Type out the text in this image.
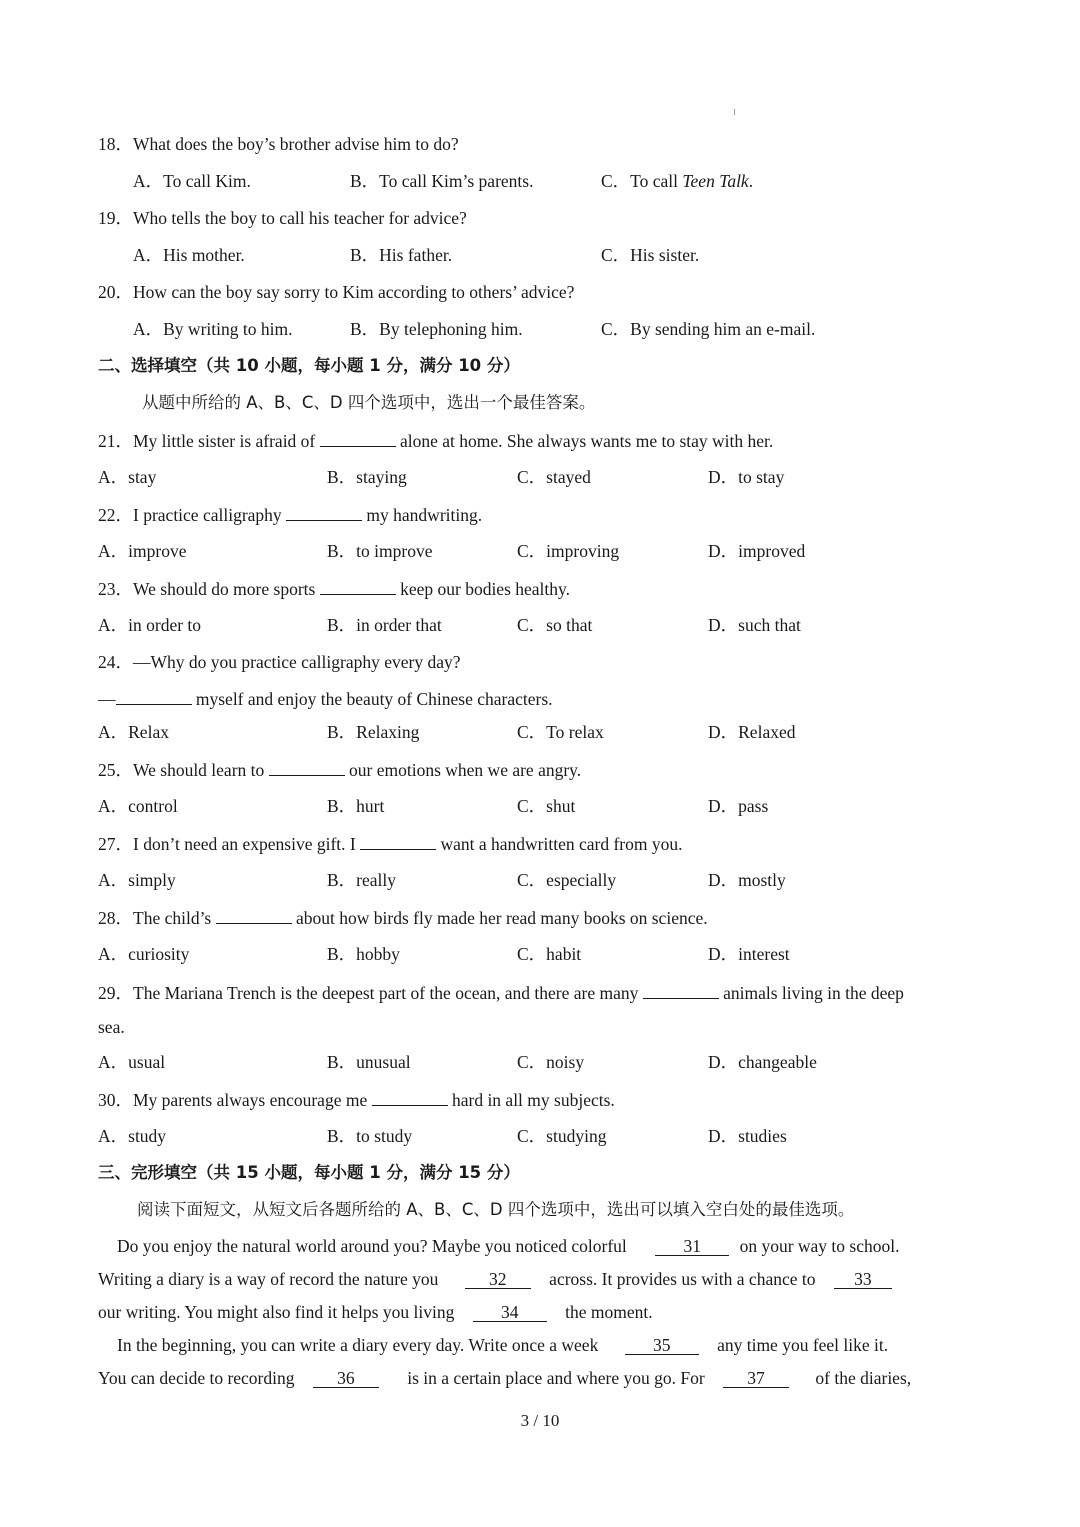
18．What does the boy’s brother advise him to do?
A．To call Kim.	B．To call Kim’s parents.	C．To call Teen Talk.
19．Who tells the boy to call his teacher for advice?
A．His mother.	B．His father.	C．His sister.
20．How can the boy say sorry to Kim according to others’ advice?
A．By writing to him.	B．By telephoning him.	C．By sending him an e-mail.
二、选择填空（共 10 小题，每小题 1 分，满分 10 分）
从题中所给的 A、B、C、D 四个选项中，选出一个最佳答案。
21．My little sister is afraid of	alone at home. She always wants me to stay with her.
A．stay	B．staying	C．stayed	D．to stay
22．I practice calligraphy	my handwriting.
A．improve	B．to improve	C．improving	D．improved
23．We should do more sports	keep our bodies healthy.
A．in order to	B．in order that	C．so that	D．such that
24．—Why do you practice calligraphy every day?
—	myself and enjoy the beauty of Chinese characters.
A．Relax	B．Relaxing	C．To relax	D．Relaxed
25．We should learn to	our emotions when we are angry.
A．control	B．hurt	C．shut	D．pass
27．I don’t need an expensive gift. I	want a handwritten card from you.
A．simply	B．really	C．especially	D．mostly
28．The child’s	about how birds fly made her read many books on science.
A．curiosity	B．hobby	C．habit	D．interest
29．The Mariana Trench is the deepest part of the ocean, and there are many	animals living in the deep
sea.
A．usual	B．unusual	C．noisy	D．changeable
30．My parents always encourage me	hard in all my subjects.
A．study	B．to study	C．studying	D．studies
三、完形填空（共 15 小题，每小题 1 分，满分 15 分）
阅读下面短文，从短文后各题所给的 A、B、C、D 四个选项中，选出可以填入空白处的最佳选项。
Do you enjoy the natural world around you? Maybe you noticed colorful	31 on your way to school.
Writing a diary is a way of record the nature you	32 across. It provides us with a chance to 33
our writing. You might also find it helps you living	34	the moment.
In the beginning, you can write a diary every day. Write once a week	35	any time you feel like it.
You can decide to recording 36	is in a certain place and where you go. For 37	of the diaries,
3 / 10
